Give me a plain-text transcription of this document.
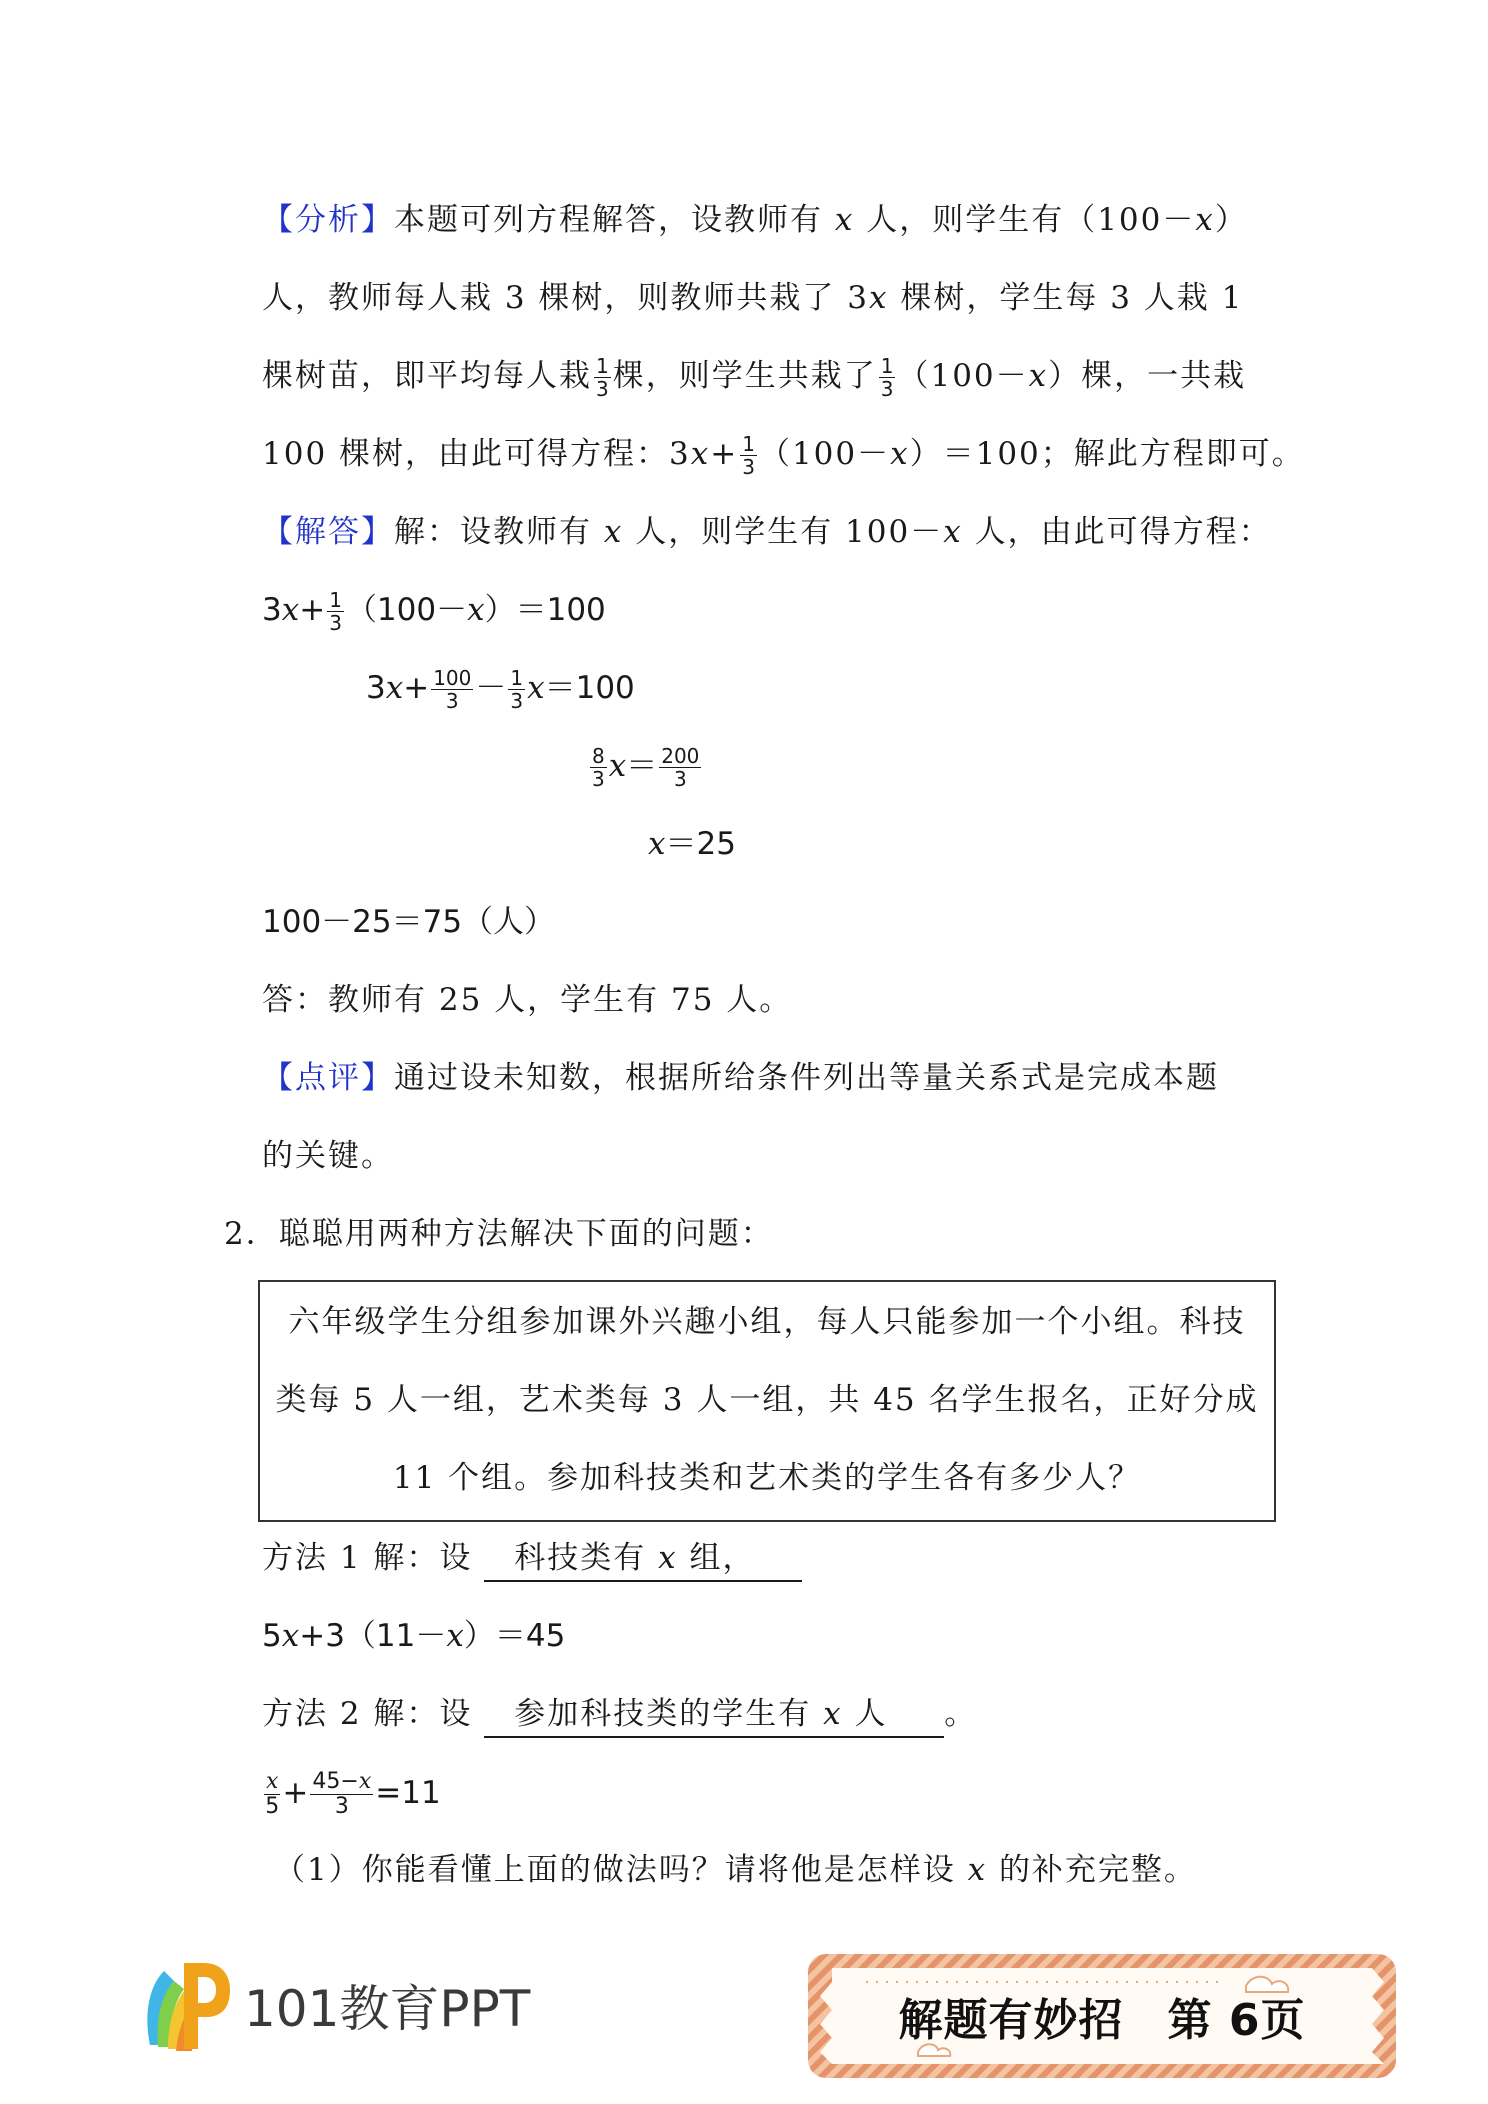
【分析】本题可列方程解答，设教师有 x 人，则学生有（100－x）
人，教师每人栽 3 棵树，则教师共栽了 3x 棵树，学生每 3 人栽 1
棵树苗，即平均每人栽 $\frac{1}{3}$ 棵，则学生共栽了 $\frac{1}{3} (100-x)$棵，一共栽
100 棵树，由此可得方程：$3x+ \frac{1}{3} (100-x)=100$；解此方程即可。
【解答】解：设教师有 x 人，则学生有 100－x 人，由此可得方程：
$3x+ \frac{1}{3} (100-x)=100$
$3x+ \frac{100}{3} - \frac{1}{3} x=100$
$\frac{8}{3} x= \frac{200}{3}$
x＝25
100－25＝75（人）
答：教师有 25 人，学生有 75 人。
【点评】通过设未知数，根据所给条件列出等量关系式是完成本题
的关键。
2．聪聪用两种方法解决下面的问题：
六年级学生分组参加课外兴趣小组，每人只能参加一个小组。科技
类每 5 人一组，艺术类每 3 人一组，共 45 名学生报名，正好分成
11 个组。参加科技类和艺术类的学生各有多少人？
方法 1 解：设 科技类有 x 组，
5x+3（11－x）＝45
方法 2 解：设 参加科技类的学生有 x 人 。
$\frac{x}{5} + \frac{45-x}{3} =11$
（1）你能看懂上面的做法吗？请将他是怎样设 x 的补充完整。
101教育PPT	解题有妙招 第 6页
